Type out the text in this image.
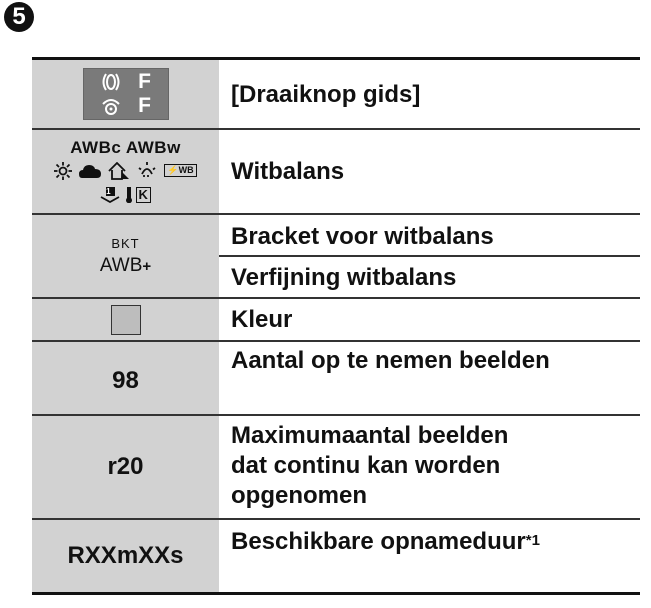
5
F
F	[Draaiknop gids]
AWBc AWBw
⚡WB
1 K
Witbalans
BKT
AWB+
Bracket voor witbalans
Verfijning witbalans
Kleur
98
Aantal op te nemen beelden
r20
Maximumaantal beelden
dat continu kan worden
opgenomen
RXXmXXs
Beschikbare opnameduur$^{*1}$
